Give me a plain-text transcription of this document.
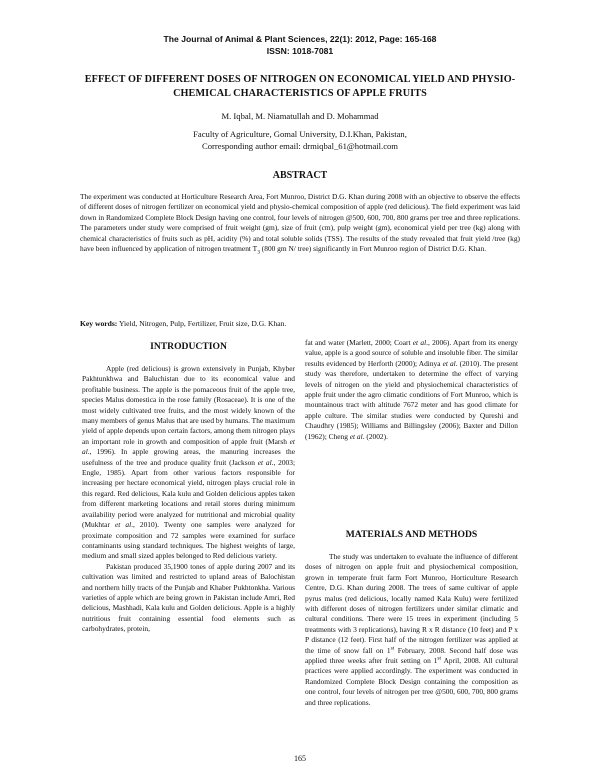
The Journal of Animal & Plant Sciences, 22(1): 2012, Page: 165-168
ISSN: 1018-7081
EFFECT OF DIFFERENT DOSES OF NITROGEN ON ECONOMICAL YIELD AND PHYSIO-CHEMICAL CHARACTERISTICS OF APPLE FRUITS
M. Iqbal, M. Niamatullah and D. Mohammad
Faculty of Agriculture, Gomal University, D.I.Khan, Pakistan,
Corresponding author email: drmiqbal_61@hotmail.com
ABSTRACT

The experiment was conducted at Horticulture Research Area, Fort Munroo, District D.G. Khan during 2008 with an objective to observe the effects of different doses of nitrogen fertilizer on economical yield and physio-chemical composition of apple (red delicious). The field experiment was laid down in Randomized Complete Block Design having one control, four levels of nitrogen @500, 600, 700, 800 grams per tree and three replications. The parameters under study were comprised of fruit weight (gm), size of fruit (cm), pulp weight (gm), economical yield per tree (kg) along with chemical characteristics of fruits such as pH, acidity (%) and total soluble solids (TSS). The results of the study revealed that fruit yield /tree (kg) have been influenced by application of nitrogen treatment $T_3$ (800 gm N/ tree) significantly in Fort Munroo region of District D.G. Khan.

Key words: Yield, Nitrogen, Pulp, Fertilizer, Fruit size, D.G. Khan.
INTRODUCTION

Apple (red delicious) is grown extensively in Punjab, Khyber Pakhtunkhwa and Baluchistan due to its economical value and profitable business. The apple is the pomaceous fruit of the apple tree, species Malus domestica in the rose family (Rosaceae). It is one of the most widely cultivated tree fruits, and the most widely known of the many members of genus Malus that are used by humans. The maximum yield of apple depends upon certain factors, among them nitrogen plays an important role in growth and composition of apple fruit (Marsh et al., 1996). In apple growing areas, the manuring increases the usefulness of the tree and produce quality fruit (Jackson et al., 2003; Engle, 1985). Apart from other various factors responsible for increasing per hectare economical yield, nitrogen plays crucial role in this regard. Red delicious, Kala kulu and Golden delicious apples taken from different marketing locations and retail stores during minimum availability period were analyzed for nutritional and microbial quality (Mukhtar et al., 2010). Twenty one samples were analyzed for proximate composition and 72 samples were examined for surface contaminants using standard techniques. The highest weights of large, medium and small sized apples belonged to Red delicious variety.

Pakistan produced 35,1900 tones of apple during 2007 and its cultivation was limited and restricted to upland areas of Balochistan and northern hilly tracts of the Punjab and Khaber Pukhtonkha. Various varieties of apple which are being grown in Pakistan include Amri, Red delicious, Mashhadi, Kala kulu and Golden delicious. Apple is a highly nutritious fruit containing essential food elements such as carbohydrates, protein,

fat and water (Marlett, 2000; Coart et al., 2006). Apart from its energy value, apple is a good source of soluble and insoluble fiber. The similar results evidenced by Herforth (2000); Adinya et al. (2010). The present study was therefore, undertaken to determine the effect of varying levels of nitrogen on the yield and physiochemical characteristics of apple fruit under the agro climatic conditions of Fort Munroo, which is mountainous tract with altitude 7672 meter and has good climate for apple culture. The similar studies were conducted by Qureshi and Chaudhry (1985); Williams and Billingsley (2006); Baxter and Dillon (1962); Cheng et al. (2002).

MATERIALS AND METHODS

The study was undertaken to evaluate the influence of different doses of nitrogen on apple fruit and physiochemical composition, grown in temperate fruit farm Fort Munroo, Horticulture Research Centre, D.G. Khan during 2008. The trees of same cultivar of apple pyrus malus (red delicious, locally named Kala Kulu) were fertilized with different doses of nitrogen fertilizers under similar climatic and cultural conditions. There were 15 trees in experiment (including 5 treatments with 3 replications), having R x R distance (10 feet) and P x P distance (12 feet). First half of the nitrogen fertilizer was applied at the time of snow fall on 1st February, 2008. Second half dose was applied three weeks after fruit setting on 1st April, 2008. All cultural practices were applied accordingly. The experiment was conducted in Randomized Complete Block Design containing the composition as one control, four levels of nitrogen per tree @500, 600, 700, 800 grams and three replications.

165
